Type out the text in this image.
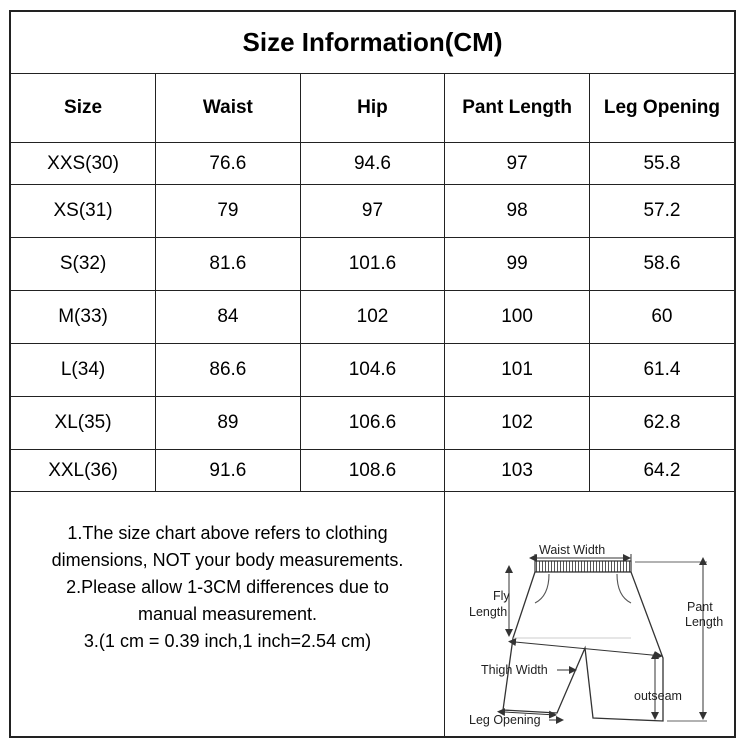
Size Information(CM)
Size	Waist	Hip	Pant Length	Leg Opening
XXS(30)	76.6	94.6	97	55.8
XS(31)	79	97	98	57.2
S(32)	81.6	101.6	99	58.6
M(33)	84	102	100	60
L(34)	86.6	104.6	101	61.4
XL(35)	89	106.6	102	62.8
XXL(36)	91.6	108.6	103	64.2
1.The size chart above refers to clothing
dimensions, NOT your body measurements.
2.Please allow 1-3CM differences due to
manual measurement.
3.(1 cm = 0.39 inch,1 inch=2.54 cm)
Waist Width
Fly
Length	Pant
Length
Thigh Width
outseam
Leg Opening
